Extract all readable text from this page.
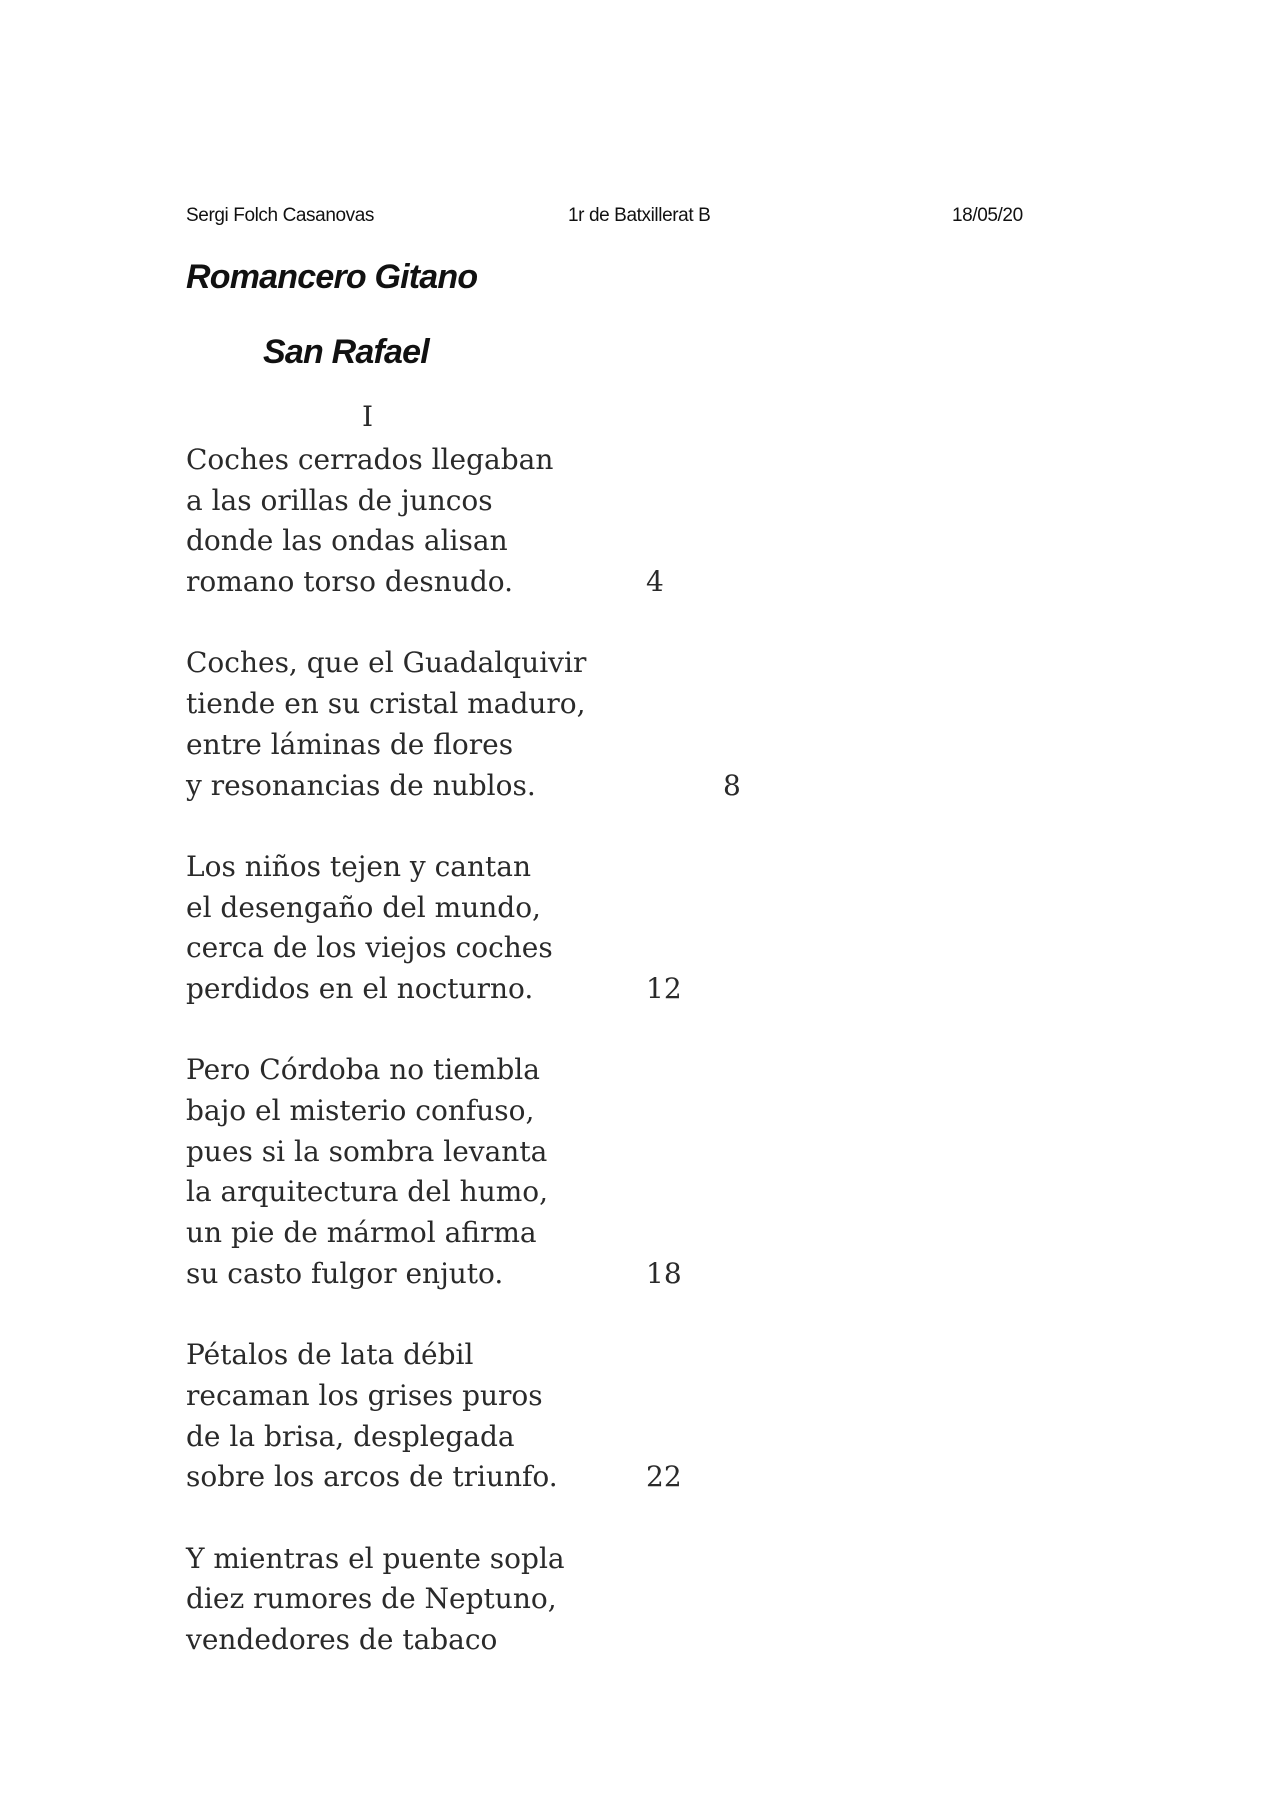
Sergi Folch Casanovas	1r de Batxillerat B	18/05/20
Romancero Gitano
San Rafael
I
Coches cerrados llegaban
a las orillas de juncos
donde las ondas alisan
romano torso desnudo.	4
Coches, que el Guadalquivir
tiende en su cristal maduro,
entre láminas de flores
y resonancias de nublos.	8
Los niños tejen y cantan
el desengaño del mundo,
cerca de los viejos coches
perdidos en el nocturno.	12
Pero Córdoba no tiembla
bajo el misterio confuso,
pues si la sombra levanta
la arquitectura del humo,
un pie de mármol afirma
su casto fulgor enjuto.	18
Pétalos de lata débil
recaman los grises puros
de la brisa, desplegada
sobre los arcos de triunfo.	22
Y mientras el puente sopla
diez rumores de Neptuno,
vendedores de tabaco
